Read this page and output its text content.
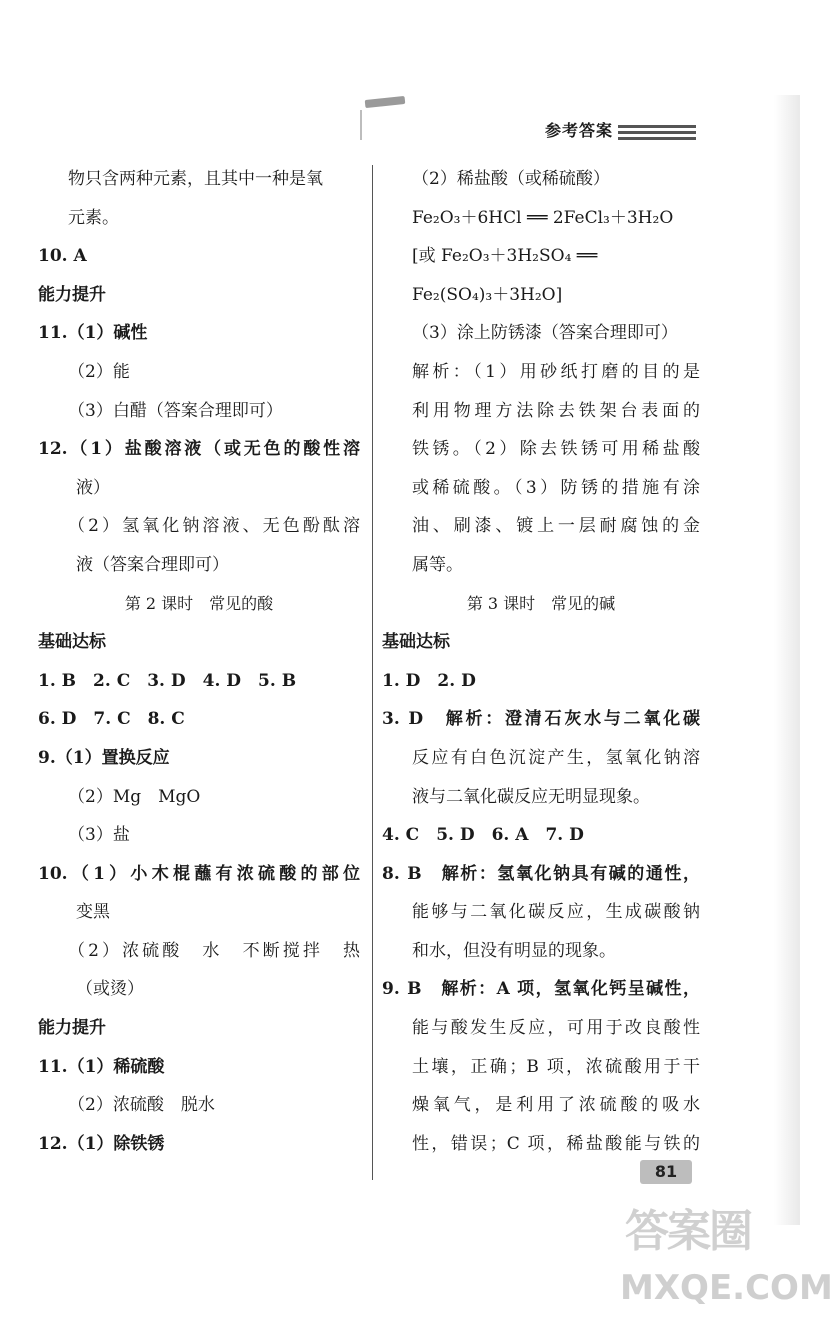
参考答案
物只含两种元素，且其中一种是氧
元素。
10. A
能力提升
11.（1）碱性
（2）能
（3）白醋（答案合理即可）
12.（1）盐酸溶液（或无色的酸性溶
液）
（2）氢氧化钠溶液、无色酚酞溶
液（答案合理即可）
第 2 课时　常见的酸
基础达标
1. B　2. C　3. D　4. D　5. B
6. D　7. C　8. C
9.（1）置换反应
（2）Mg　MgO
（3）盐
10.（1）小木棍蘸有浓硫酸的部位
变黑
（2）浓硫酸　水　不断搅拌　热
（或烫）
能力提升
11.（1）稀硫酸
（2）浓硫酸　脱水
12.（1）除铁锈
（2）稀盐酸（或稀硫酸）
Fe₂O₃＋6HCl ══ 2FeCl₃＋3H₂O
[或 Fe₂O₃＋3H₂SO₄ ══
Fe₂(SO₄)₃＋3H₂O]
（3）涂上防锈漆（答案合理即可）
解析：（1）用砂纸打磨的目的是
利用物理方法除去铁架台表面的
铁锈。（2）除去铁锈可用稀盐酸
或稀硫酸。（3）防锈的措施有涂
油、刷漆、镀上一层耐腐蚀的金
属等。
第 3 课时　常见的碱
基础达标
1. D　2. D
3. D　解析：澄清石灰水与二氧化碳
反应有白色沉淀产生，氢氧化钠溶
液与二氧化碳反应无明显现象。
4. C　5. D　6. A　7. D
8. B　解析：氢氧化钠具有碱的通性，
能够与二氧化碳反应，生成碳酸钠
和水，但没有明显的现象。
9. B　解析：A 项，氢氧化钙呈碱性，
能与酸发生反应，可用于改良酸性
土壤，正确；B 项，浓硫酸用于干
燥氧气，是利用了浓硫酸的吸水
性，错误；C 项，稀盐酸能与铁的
81
答案圈
MXQE.COM
